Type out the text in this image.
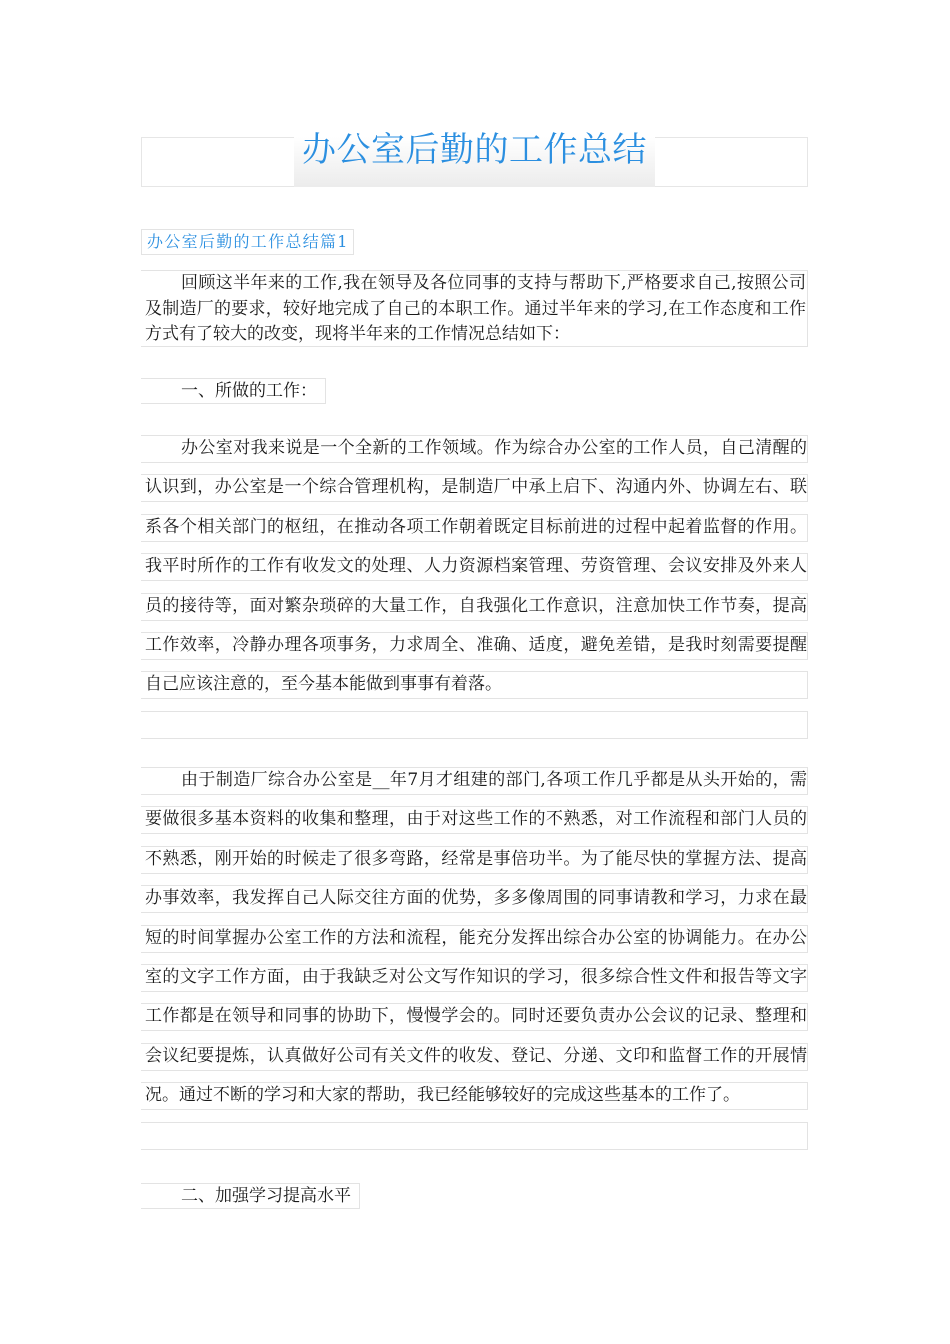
办公室后勤的工作总结
办公室后勤的工作总结篇1

回顾这半年来的工作,我在领导及各位同事的支持与帮助下,严格要求自己,按照公司及制造厂的要求，较好地完成了自己的本职工作。通过半年来的学习,在工作态度和工作方式有了较大的改变，现将半年来的工作情况总结如下：

一、所做的工作：

办公室对我来说是一个全新的工作领域。作为综合办公室的工作人员，自己清醒的认识到，办公室是一个综合管理机构，是制造厂中承上启下、沟通内外、协调左右、联系各个相关部门的枢纽，在推动各项工作朝着既定目标前进的过程中起着监督的作用。我平时所作的工作有收发文的处理、人力资源档案管理、劳资管理、会议安排及外来人员的接待等，面对繁杂琐碎的大量工作，自我强化工作意识，注意加快工作节奏，提高工作效率，冷静办理各项事务，力求周全、准确、适度，避免差错，是我时刻需要提醒自己应该注意的，至今基本能做到事事有着落。

由于制造厂综合办公室是__年7月才组建的部门,各项工作几乎都是从头开始的，需要做很多基本资料的收集和整理，由于对这些工作的不熟悉，对工作流程和部门人员的不熟悉，刚开始的时候走了很多弯路，经常是事倍功半。为了能尽快的掌握方法、提高办事效率，我发挥自己人际交往方面的优势，多多像周围的同事请教和学习，力求在最短的时间掌握办公室工作的方法和流程，能充分发挥出综合办公室的协调能力。在办公室的文字工作方面，由于我缺乏对公文写作知识的学习，很多综合性文件和报告等文字工作都是在领导和同事的协助下，慢慢学会的。同时还要负责办公会议的记录、整理和会议纪要提炼，认真做好公司有关文件的收发、登记、分递、文印和监督工作的开展情况。通过不断的学习和大家的帮助，我已经能够较好的完成这些基本的工作了。

二、加强学习提高水平
